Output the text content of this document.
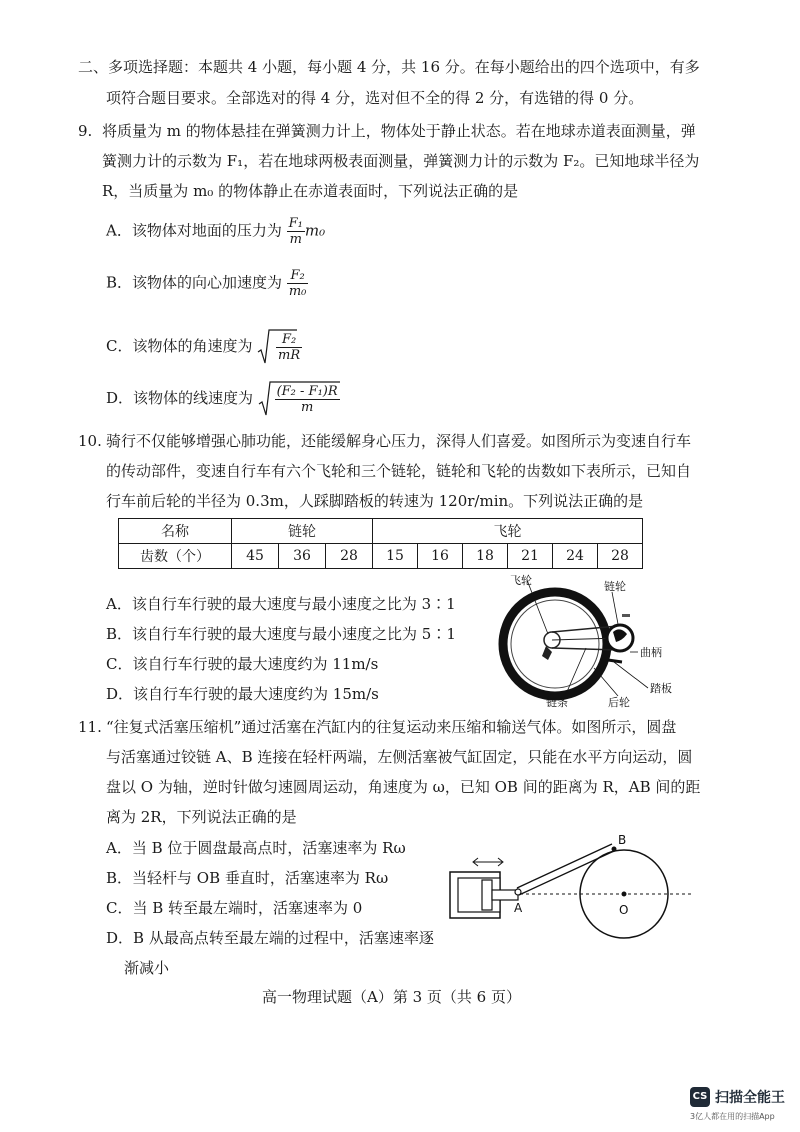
二、多项选择题：本题共 4 小题，每小题 4 分，共 16 分。在每小题给出的四个选项中，有多
项符合题目要求。全部选对的得 4 分，选对但不全的得 2 分，有选错的得 0 分。
9. 将质量为 m 的物体悬挂在弹簧测力计上，物体处于静止状态。若在地球赤道表面测量，弹
簧测力计的示数为 F₁，若在地球两极表面测量，弹簧测力计的示数为 F₂。已知地球半径为
R，当质量为 m₀ 的物体静止在赤道表面时，下列说法正确的是
A．该物体对地面的压力为 $\frac{\text{F₁}}{m} m_0$
B．该物体的向心加速度为 $\frac{\text{F₂}}{\text{m₀}}$
C．该物体的角速度为 $\frac{\text{F₂}}{mR}$
D．该物体的线速度为 $\frac{\text{(F₂ - F₁)R}}{m}$
10. 骑行不仅能够增强心肺功能，还能缓解身心压力，深得人们喜爱。如图所示为变速自行车
的传动部件，变速自行车有六个飞轮和三个链轮，链轮和飞轮的齿数如下表所示，已知自
行车前后轮的半径为 0.3m，人踩脚踏板的转速为 120r/min。下列说法正确的是
名称	链轮			飞轮					
齿数（个）	45	36	28	15	16	18	21	24	28
A．该自行车行驶的最大速度与最小速度之比为 3∶1
B．该自行车行驶的最大速度与最小速度之比为 5∶1
C．该自行车行驶的最大速度约为 11m/s
D．该自行车行驶的最大速度约为 15m/s
飞轮	链轮
曲柄
踏板
链条	后轮
11. “往复式活塞压缩机”通过活塞在汽缸内的往复运动来压缩和输送气体。如图所示，圆盘
与活塞通过铰链 A、B 连接在轻杆两端，左侧活塞被气缸固定，只能在水平方向运动，圆
盘以 O 为轴，逆时针做匀速圆周运动，角速度为 ω，已知 OB 间的距离为 R，AB 间的距
离为 2R，下列说法正确的是
A．当 B 位于圆盘最高点时，活塞速率为 Rω
B．当轻杆与 OB 垂直时，活塞速率为 Rω
C．当 B 转至最左端时，活塞速率为 0
D．B 从最高点转至最左端的过程中，活塞速率逐
渐减小
B
A	O
高一物理试题（A）第 3 页（共 6 页）
CS 扫描全能王
3亿人都在用的扫描App
